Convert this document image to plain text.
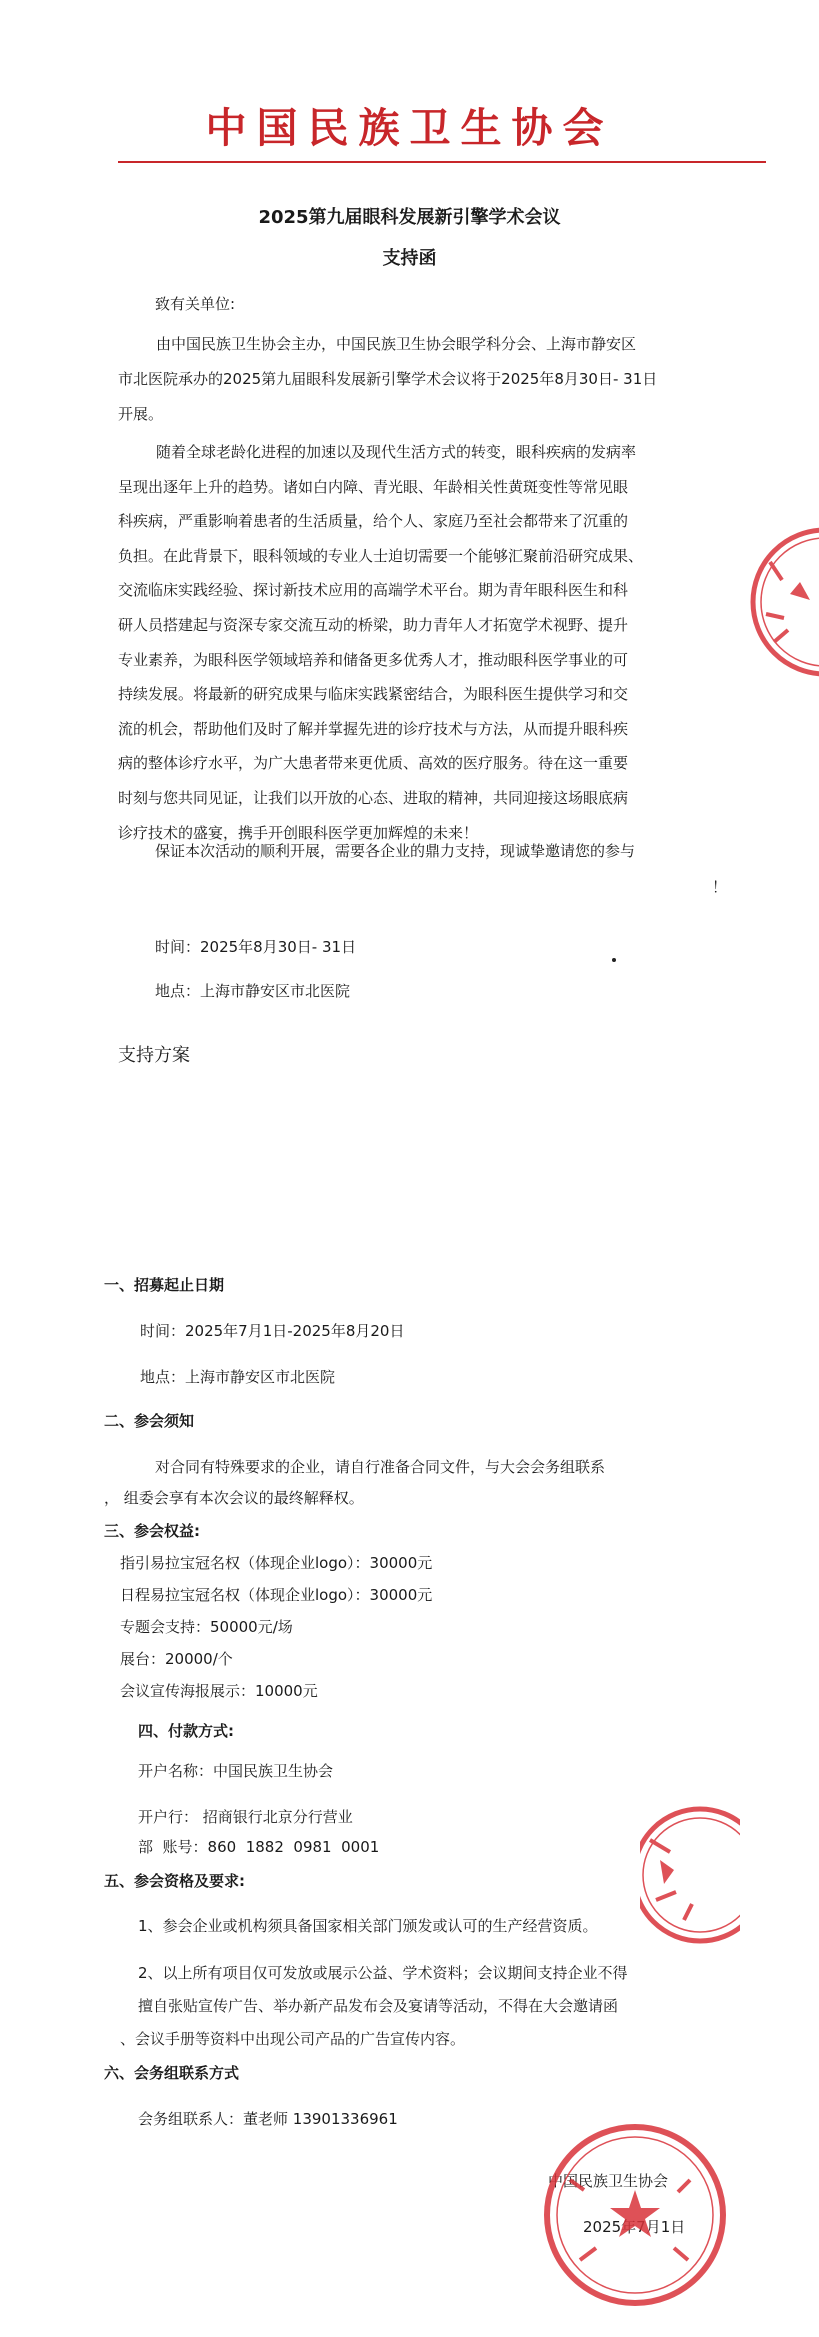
中国民族卫生协会
2025第九届眼科发展新引擎学术会议
支持函
致有关单位:
由中国民族卫生协会主办，中国民族卫生协会眼学科分会、上海市静安区
市北医院承办的2025第九届眼科发展新引擎学术会议将于2025年8月30日- 31日
开展。
随着全球老龄化进程的加速以及现代生活方式的转变，眼科疾病的发病率
呈现出逐年上升的趋势。诸如白内障、青光眼、年龄相关性黄斑变性等常见眼
科疾病，严重影响着患者的生活质量，给个人、家庭乃至社会都带来了沉重的
负担。在此背景下，眼科领域的专业人士迫切需要一个能够汇聚前沿研究成果、
交流临床实践经验、探讨新技术应用的高端学术平台。期为青年眼科医生和科
研人员搭建起与资深专家交流互动的桥梁，助力青年人才拓宽学术视野、提升
专业素养，为眼科医学领域培养和储备更多优秀人才，推动眼科医学事业的可
持续发展。将最新的研究成果与临床实践紧密结合，为眼科医生提供学习和交
流的机会，帮助他们及时了解并掌握先进的诊疗技术与方法，从而提升眼科疾
病的整体诊疗水平，为广大患者带来更优质、高效的医疗服务。待在这一重要
时刻与您共同见证，让我们以开放的心态、进取的精神，共同迎接这场眼底病
诊疗技术的盛宴，携手开创眼科医学更加辉煌的未来！
保证本次活动的顺利开展，需要各企业的鼎力支持，现诚挚邀请您的参与
！
时间：2025年8月30日- 31日
地点：上海市静安区市北医院
支持方案
一、招募起止日期
时间：2025年7月1日-2025年8月20日
地点：上海市静安区市北医院
二、参会须知
对合同有特殊要求的企业，请自行准备合同文件，与大会会务组联系
， 组委会享有本次会议的最终解释权。
三、参会权益:
指引易拉宝冠名权（体现企业logo）：30000元
日程易拉宝冠名权（体现企业logo）：30000元
专题会支持：50000元/场
展台：20000/个
会议宣传海报展示：10000元
四、付款方式:
开户名称：中国民族卫生协会
开户行： 招商银行北京分行营业
部  账号：860  1882  0981  0001
五、参会资格及要求:
1、参会企业或机构须具备国家相关部门颁发或认可的生产经营资质。
2、以上所有项目仅可发放或展示公益、学术资料；会议期间支持企业不得
擅自张贴宣传广告、举办新产品发布会及宴请等活动，不得在大会邀请函
、会议手册等资料中出现公司产品的广告宣传内容。
六、会务组联系方式
会务组联系人：董老师 13901336961
中国民族卫生协会
2025年7月1日
